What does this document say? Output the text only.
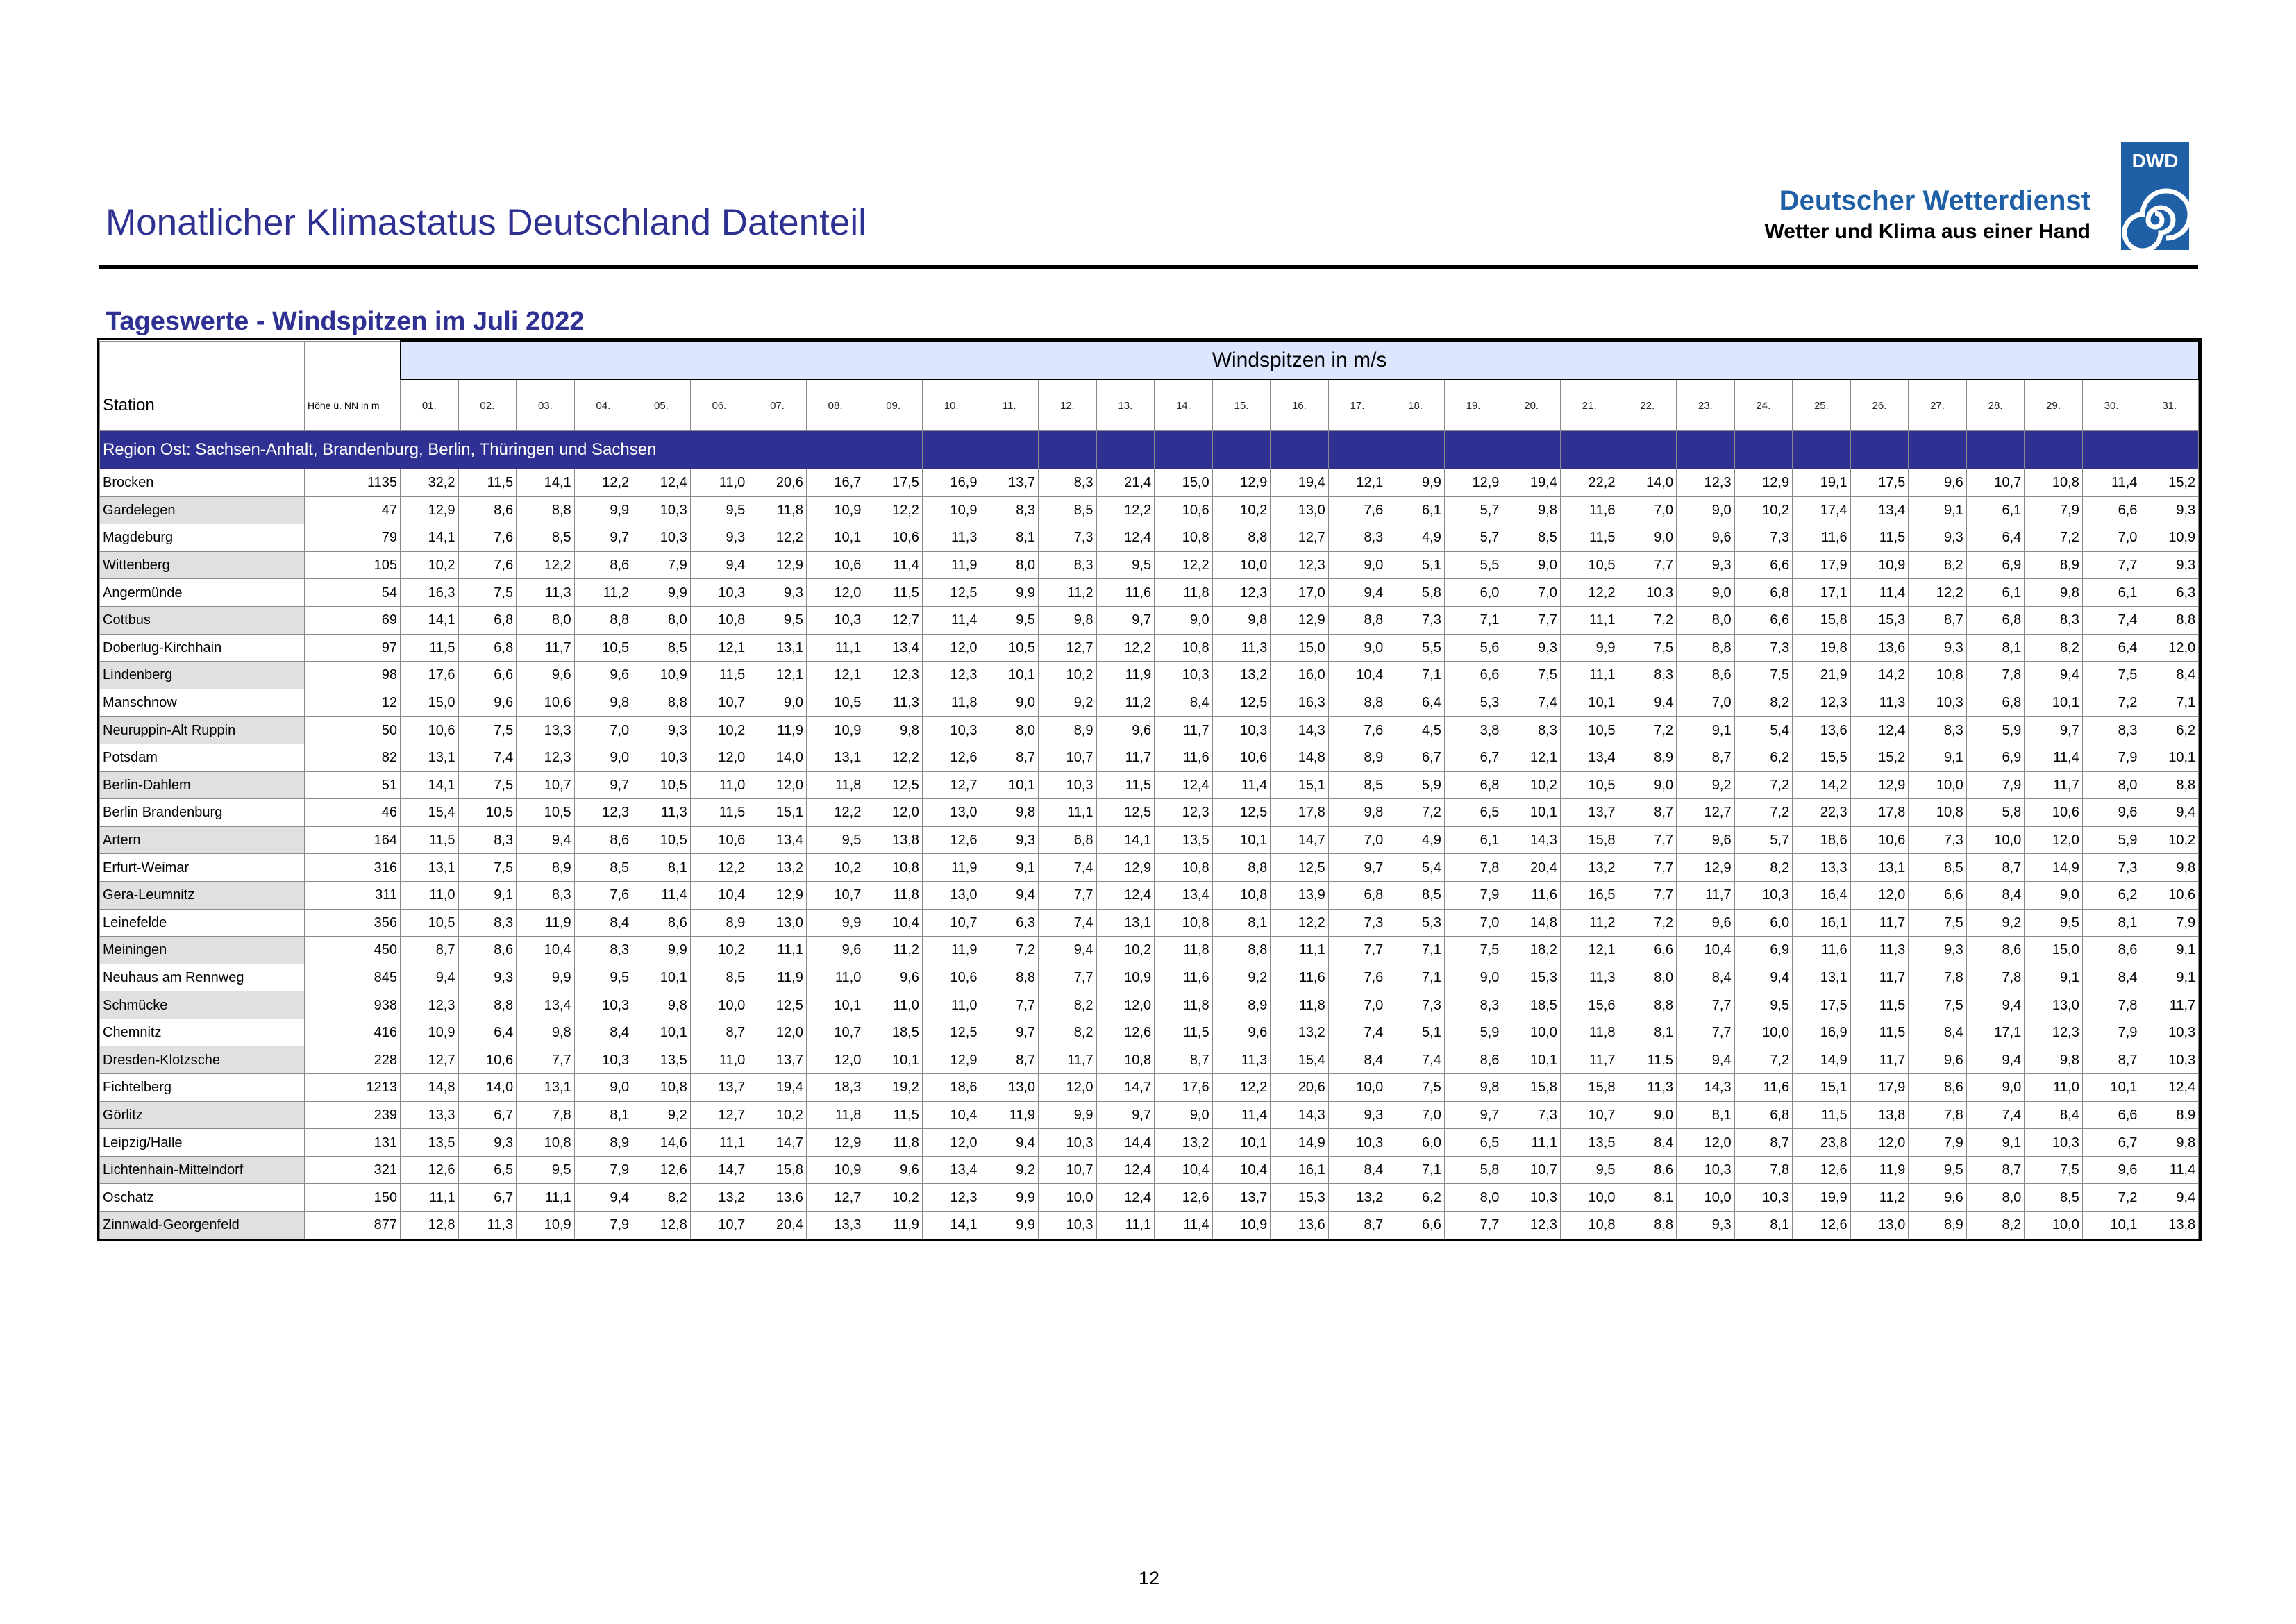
Monatlicher Klimastatus Deutschland Datenteil
Deutscher Wetterdienst
Wetter und Klima aus einer Hand
DWD
Tageswerte - Windspitzen im Juli 2022
		Windspitzen in m/s																														
Station	Höhe ü. NN in m	01.	02.	03.	04.	05.	06.	07.	08.	09.	10.	11.	12.	13.	14.	15.	16.	17.	18.	19.	20.	21.	22.	23.	24.	25.	26.	27.	28.	29.	30.	31.
Region Ost: Sachsen-Anhalt, Brandenburg, Berlin, Thüringen und Sachsen																																
Brocken	1135	32,2	11,5	14,1	12,2	12,4	11,0	20,6	16,7	17,5	16,9	13,7	8,3	21,4	15,0	12,9	19,4	12,1	9,9	12,9	19,4	22,2	14,0	12,3	12,9	19,1	17,5	9,6	10,7	10,8	11,4	15,2
Gardelegen	47	12,9	8,6	8,8	9,9	10,3	9,5	11,8	10,9	12,2	10,9	8,3	8,5	12,2	10,6	10,2	13,0	7,6	6,1	5,7	9,8	11,6	7,0	9,0	10,2	17,4	13,4	9,1	6,1	7,9	6,6	9,3
Magdeburg	79	14,1	7,6	8,5	9,7	10,3	9,3	12,2	10,1	10,6	11,3	8,1	7,3	12,4	10,8	8,8	12,7	8,3	4,9	5,7	8,5	11,5	9,0	9,6	7,3	11,6	11,5	9,3	6,4	7,2	7,0	10,9
Wittenberg	105	10,2	7,6	12,2	8,6	7,9	9,4	12,9	10,6	11,4	11,9	8,0	8,3	9,5	12,2	10,0	12,3	9,0	5,1	5,5	9,0	10,5	7,7	9,3	6,6	17,9	10,9	8,2	6,9	8,9	7,7	9,3
Angermünde	54	16,3	7,5	11,3	11,2	9,9	10,3	9,3	12,0	11,5	12,5	9,9	11,2	11,6	11,8	12,3	17,0	9,4	5,8	6,0	7,0	12,2	10,3	9,0	6,8	17,1	11,4	12,2	6,1	9,8	6,1	6,3
Cottbus	69	14,1	6,8	8,0	8,8	8,0	10,8	9,5	10,3	12,7	11,4	9,5	9,8	9,7	9,0	9,8	12,9	8,8	7,3	7,1	7,7	11,1	7,2	8,0	6,6	15,8	15,3	8,7	6,8	8,3	7,4	8,8
Doberlug-Kirchhain	97	11,5	6,8	11,7	10,5	8,5	12,1	13,1	11,1	13,4	12,0	10,5	12,7	12,2	10,8	11,3	15,0	9,0	5,5	5,6	9,3	9,9	7,5	8,8	7,3	19,8	13,6	9,3	8,1	8,2	6,4	12,0
Lindenberg	98	17,6	6,6	9,6	9,6	10,9	11,5	12,1	12,1	12,3	12,3	10,1	10,2	11,9	10,3	13,2	16,0	10,4	7,1	6,6	7,5	11,1	8,3	8,6	7,5	21,9	14,2	10,8	7,8	9,4	7,5	8,4
Manschnow	12	15,0	9,6	10,6	9,8	8,8	10,7	9,0	10,5	11,3	11,8	9,0	9,2	11,2	8,4	12,5	16,3	8,8	6,4	5,3	7,4	10,1	9,4	7,0	8,2	12,3	11,3	10,3	6,8	10,1	7,2	7,1
Neuruppin-Alt Ruppin	50	10,6	7,5	13,3	7,0	9,3	10,2	11,9	10,9	9,8	10,3	8,0	8,9	9,6	11,7	10,3	14,3	7,6	4,5	3,8	8,3	10,5	7,2	9,1	5,4	13,6	12,4	8,3	5,9	9,7	8,3	6,2
Potsdam	82	13,1	7,4	12,3	9,0	10,3	12,0	14,0	13,1	12,2	12,6	8,7	10,7	11,7	11,6	10,6	14,8	8,9	6,7	6,7	12,1	13,4	8,9	8,7	6,2	15,5	15,2	9,1	6,9	11,4	7,9	10,1
Berlin-Dahlem	51	14,1	7,5	10,7	9,7	10,5	11,0	12,0	11,8	12,5	12,7	10,1	10,3	11,5	12,4	11,4	15,1	8,5	5,9	6,8	10,2	10,5	9,0	9,2	7,2	14,2	12,9	10,0	7,9	11,7	8,0	8,8
Berlin Brandenburg	46	15,4	10,5	10,5	12,3	11,3	11,5	15,1	12,2	12,0	13,0	9,8	11,1	12,5	12,3	12,5	17,8	9,8	7,2	6,5	10,1	13,7	8,7	12,7	7,2	22,3	17,8	10,8	5,8	10,6	9,6	9,4
Artern	164	11,5	8,3	9,4	8,6	10,5	10,6	13,4	9,5	13,8	12,6	9,3	6,8	14,1	13,5	10,1	14,7	7,0	4,9	6,1	14,3	15,8	7,7	9,6	5,7	18,6	10,6	7,3	10,0	12,0	5,9	10,2
Erfurt-Weimar	316	13,1	7,5	8,9	8,5	8,1	12,2	13,2	10,2	10,8	11,9	9,1	7,4	12,9	10,8	8,8	12,5	9,7	5,4	7,8	20,4	13,2	7,7	12,9	8,2	13,3	13,1	8,5	8,7	14,9	7,3	9,8
Gera-Leumnitz	311	11,0	9,1	8,3	7,6	11,4	10,4	12,9	10,7	11,8	13,0	9,4	7,7	12,4	13,4	10,8	13,9	6,8	8,5	7,9	11,6	16,5	7,7	11,7	10,3	16,4	12,0	6,6	8,4	9,0	6,2	10,6
Leinefelde	356	10,5	8,3	11,9	8,4	8,6	8,9	13,0	9,9	10,4	10,7	6,3	7,4	13,1	10,8	8,1	12,2	7,3	5,3	7,0	14,8	11,2	7,2	9,6	6,0	16,1	11,7	7,5	9,2	9,5	8,1	7,9
Meiningen	450	8,7	8,6	10,4	8,3	9,9	10,2	11,1	9,6	11,2	11,9	7,2	9,4	10,2	11,8	8,8	11,1	7,7	7,1	7,5	18,2	12,1	6,6	10,4	6,9	11,6	11,3	9,3	8,6	15,0	8,6	9,1
Neuhaus am Rennweg	845	9,4	9,3	9,9	9,5	10,1	8,5	11,9	11,0	9,6	10,6	8,8	7,7	10,9	11,6	9,2	11,6	7,6	7,1	9,0	15,3	11,3	8,0	8,4	9,4	13,1	11,7	7,8	7,8	9,1	8,4	9,1
Schmücke	938	12,3	8,8	13,4	10,3	9,8	10,0	12,5	10,1	11,0	11,0	7,7	8,2	12,0	11,8	8,9	11,8	7,0	7,3	8,3	18,5	15,6	8,8	7,7	9,5	17,5	11,5	7,5	9,4	13,0	7,8	11,7
Chemnitz	416	10,9	6,4	9,8	8,4	10,1	8,7	12,0	10,7	18,5	12,5	9,7	8,2	12,6	11,5	9,6	13,2	7,4	5,1	5,9	10,0	11,8	8,1	7,7	10,0	16,9	11,5	8,4	17,1	12,3	7,9	10,3
Dresden-Klotzsche	228	12,7	10,6	7,7	10,3	13,5	11,0	13,7	12,0	10,1	12,9	8,7	11,7	10,8	8,7	11,3	15,4	8,4	7,4	8,6	10,1	11,7	11,5	9,4	7,2	14,9	11,7	9,6	9,4	9,8	8,7	10,3
Fichtelberg	1213	14,8	14,0	13,1	9,0	10,8	13,7	19,4	18,3	19,2	18,6	13,0	12,0	14,7	17,6	12,2	20,6	10,0	7,5	9,8	15,8	15,8	11,3	14,3	11,6	15,1	17,9	8,6	9,0	11,0	10,1	12,4
Görlitz	239	13,3	6,7	7,8	8,1	9,2	12,7	10,2	11,8	11,5	10,4	11,9	9,9	9,7	9,0	11,4	14,3	9,3	7,0	9,7	7,3	10,7	9,0	8,1	6,8	11,5	13,8	7,8	7,4	8,4	6,6	8,9
Leipzig/Halle	131	13,5	9,3	10,8	8,9	14,6	11,1	14,7	12,9	11,8	12,0	9,4	10,3	14,4	13,2	10,1	14,9	10,3	6,0	6,5	11,1	13,5	8,4	12,0	8,7	23,8	12,0	7,9	9,1	10,3	6,7	9,8
Lichtenhain-Mittelndorf	321	12,6	6,5	9,5	7,9	12,6	14,7	15,8	10,9	9,6	13,4	9,2	10,7	12,4	10,4	10,4	16,1	8,4	7,1	5,8	10,7	9,5	8,6	10,3	7,8	12,6	11,9	9,5	8,7	7,5	9,6	11,4
Oschatz	150	11,1	6,7	11,1	9,4	8,2	13,2	13,6	12,7	10,2	12,3	9,9	10,0	12,4	12,6	13,7	15,3	13,2	6,2	8,0	10,3	10,0	8,1	10,0	10,3	19,9	11,2	9,6	8,0	8,5	7,2	9,4
Zinnwald-Georgenfeld	877	12,8	11,3	10,9	7,9	12,8	10,7	20,4	13,3	11,9	14,1	9,9	10,3	11,1	11,4	10,9	13,6	8,7	6,6	7,7	12,3	10,8	8,8	9,3	8,1	12,6	13,0	8,9	8,2	10,0	10,1	13,8
12
